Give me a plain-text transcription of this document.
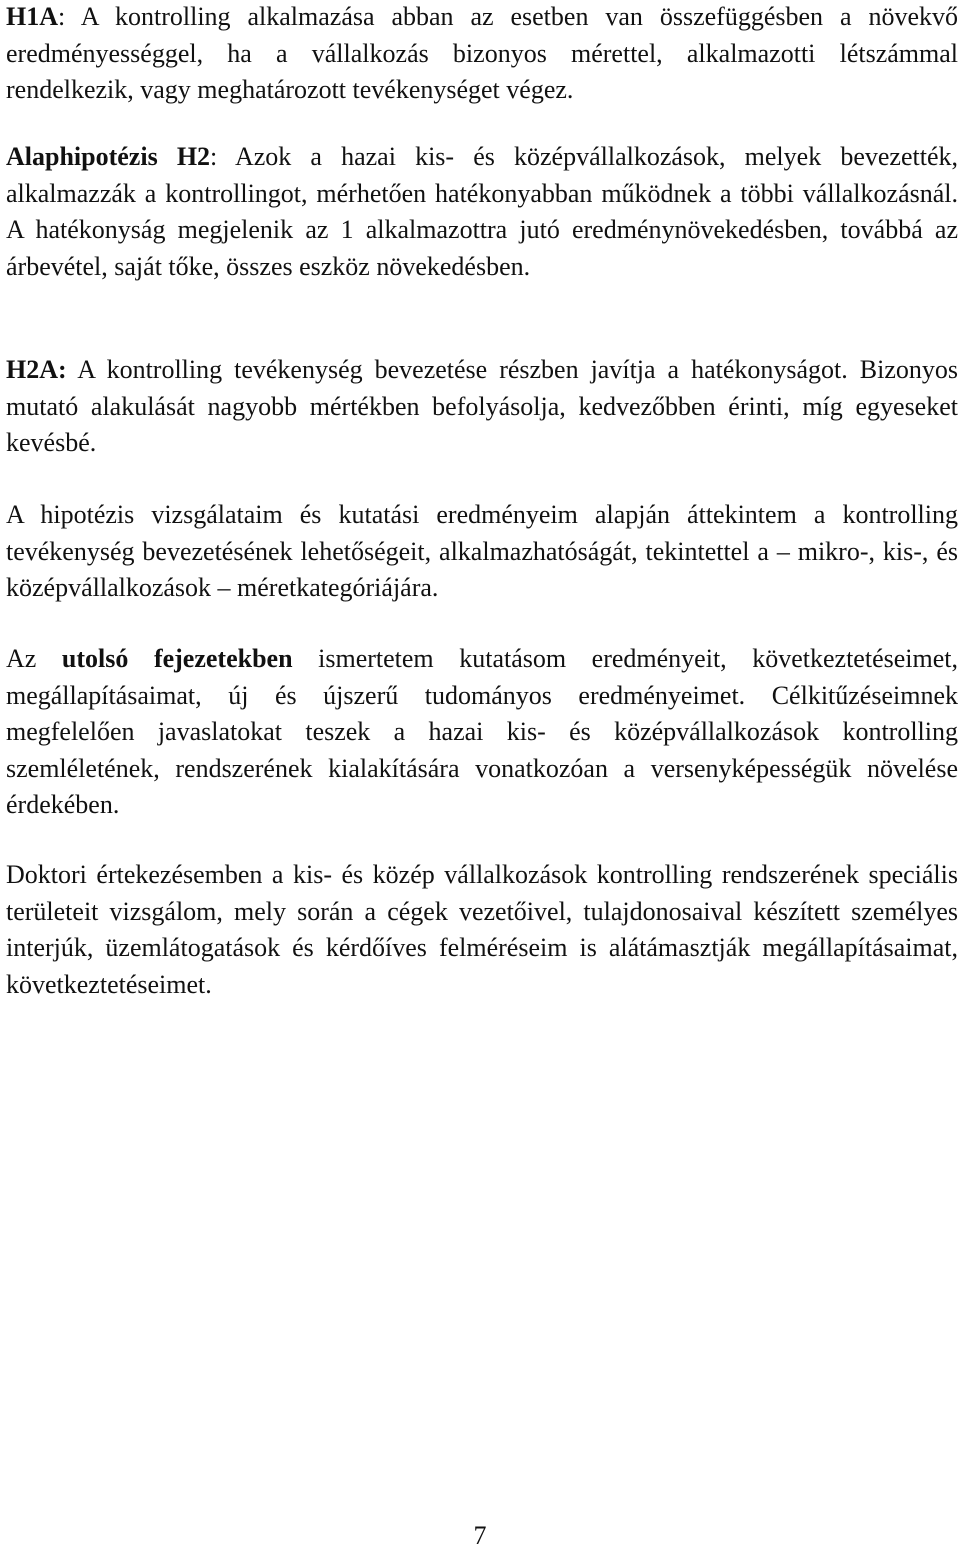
H1A: A kontrolling alkalmazása abban az esetben van összefüggésben a növekvő eredményességgel, ha a vállalkozás bizonyos mérettel, alkalmazotti létszámmal rendelkezik, vagy meghatározott tevékenységet végez.

Alaphipotézis H2: Azok a hazai kis- és középvállalkozások, melyek bevezették, alkalmazzák a kontrollingot, mérhetően hatékonyabban működnek a többi vállalkozásnál. A hatékonyság megjelenik az 1 alkalmazottra jutó eredménynövekedésben, továbbá az árbevétel, saját tőke, összes eszköz növekedésben.

H2A: A kontrolling tevékenység bevezetése részben javítja a hatékonyságot. Bizonyos mutató alakulását nagyobb mértékben befolyásolja, kedvezőbben érinti, míg egyeseket kevésbé.

A hipotézis vizsgálataim és kutatási eredményeim alapján áttekintem a kontrolling tevékenység bevezetésének lehetőségeit, alkalmazhatóságát, tekintettel a – mikro-, kis-, és középvállalkozások – méretkategóriájára.

Az utolsó fejezetekben ismertetem kutatásom eredményeit, következtetéseimet, megállapításaimat, új és újszerű tudományos eredményeimet. Célkitűzéseimnek megfelelően javaslatokat teszek a hazai kis- és középvállalkozások kontrolling szemléletének, rendszerének kialakítására vonatkozóan a versenyképességük növelése érdekében.

Doktori értekezésemben a kis- és közép vállalkozások kontrolling rendszerének speciális területeit vizsgálom, mely során a cégek vezetőivel, tulajdonosaival készített személyes interjúk, üzemlátogatások és kérdőíves felméréseim is alátámasztják megállapításaimat, következtetéseimet.

7
